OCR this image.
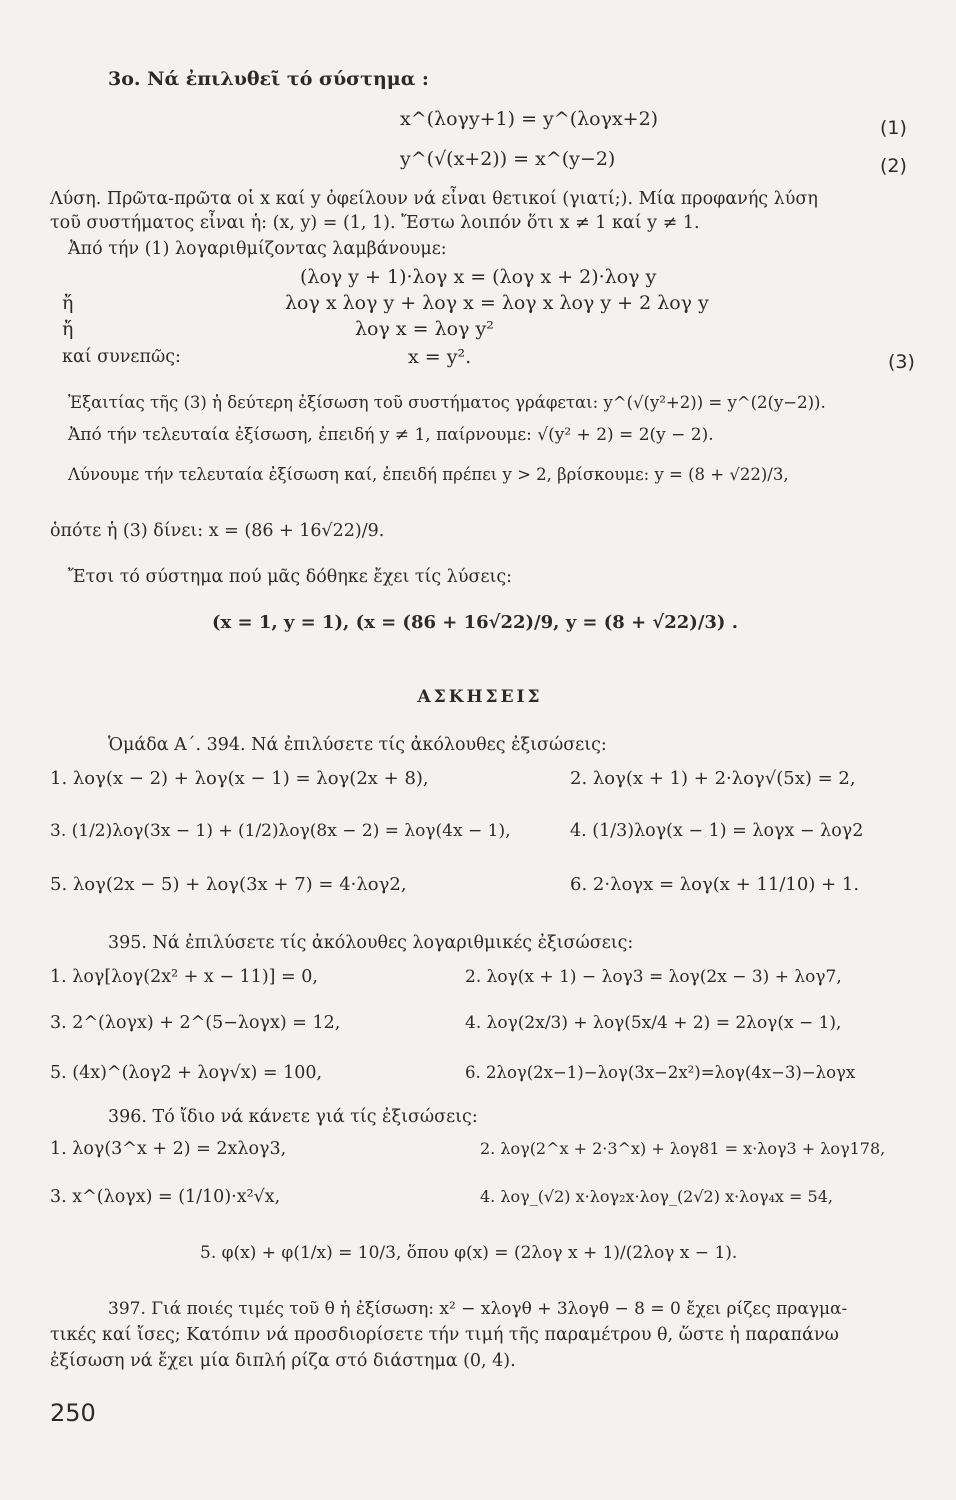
3ο. Νά ἐπιλυθεῖ τό σύστημα :
x^(λογy+1) = y^(λογx+2)	(1)
y^(√(x+2)) = x^(y−2)	(2)
Λύση. Πρῶτα-πρῶτα οἱ x καί y ὀφείλουν νά εἶναι θετικοί (γιατί;). Μία προφανής λύση
τοῦ συστήματος εἶναι ἡ: (x, y) = (1, 1). Ἔστω λοιπόν ὅτι x ≠ 1 καί y ≠ 1.
Ἀπό τήν (1) λογαριθμίζοντας λαμβάνουμε:
(λογ y + 1)·λογ x = (λογ x + 2)·λογ y
ἤ	λογ x λογ y + λογ x = λογ x λογ y + 2 λογ y
ἤ	λογ x = λογ y²
καί συνεπῶς:	x = y².	(3)
Ἐξαιτίας τῆς (3) ἡ δεύτερη ἐξίσωση τοῦ συστήματος γράφεται: y^(√(y²+2)) = y^(2(y−2)).
Ἀπό τήν τελευταία ἐξίσωση, ἐπειδή y ≠ 1, παίρνουμε: √(y² + 2) = 2(y − 2).
Λύνουμε τήν τελευταία ἐξίσωση καί, ἐπειδή πρέπει y > 2, βρίσκουμε: y = (8 + √22)/3,
ὁπότε ἡ (3) δίνει: x = (86 + 16√22)/9.
Ἔτσι τό σύστημα πού μᾶς δόθηκε ἔχει τίς λύσεις:
(x = 1, y = 1), (x = (86 + 16√22)/9, y = (8 + √22)/3) .
ΑΣΚΗΣΕΙΣ
Ὁμάδα Α΄. 394. Νά ἐπιλύσετε τίς ἀκόλουθες ἐξισώσεις:
1. λογ(x − 2) + λογ(x − 1) = λογ(2x + 8),	2. λογ(x + 1) + 2·λογ√(5x) = 2,
3. (1/2)λογ(3x − 1) + (1/2)λογ(8x − 2) = λογ(4x − 1),	4. (1/3)λογ(x − 1) = λογx − λογ2
5. λογ(2x − 5) + λογ(3x + 7) = 4·λογ2,	6. 2·λογx = λογ(x + 11/10) + 1.
395. Νά ἐπιλύσετε τίς ἀκόλουθες λογαριθμικές ἐξισώσεις:
1. λογ[λογ(2x² + x − 11)] = 0,	2. λογ(x + 1) − λογ3 = λογ(2x − 3) + λογ7,
3. 2^(λογx) + 2^(5−λογx) = 12,	4. λογ(2x/3) + λογ(5x/4 + 2) = 2λογ(x − 1),
5. (4x)^(λογ2 + λογ√x) = 100,	6. 2λογ(2x−1)−λογ(3x−2x²)=λογ(4x−3)−λογx
396. Τό ἴδιο νά κάνετε γιά τίς ἐξισώσεις:
1. λογ(3^x + 2) = 2xλογ3,	2. λογ(2^x + 2·3^x) + λογ81 = x·λογ3 + λογ178,
3. x^(λογx) = (1/10)·x²√x,	4. λογ_(√2) x·λογ₂x·λογ_(2√2) x·λογ₄x = 54,
5. φ(x) + φ(1/x) = 10/3, ὅπου φ(x) = (2λογ x + 1)/(2λογ x − 1).
397. Γιά ποιές τιμές τοῦ θ ἡ ἐξίσωση: x² − xλογθ + 3λογθ − 8 = 0 ἔχει ρίζες πραγμα-
τικές καί ἴσες; Κατόπιν νά προσδιορίσετε τήν τιμή τῆς παραμέτρου θ, ὥστε ἡ παραπάνω
ἐξίσωση νά ἔχει μία διπλή ρίζα στό διάστημα (0, 4).
250
